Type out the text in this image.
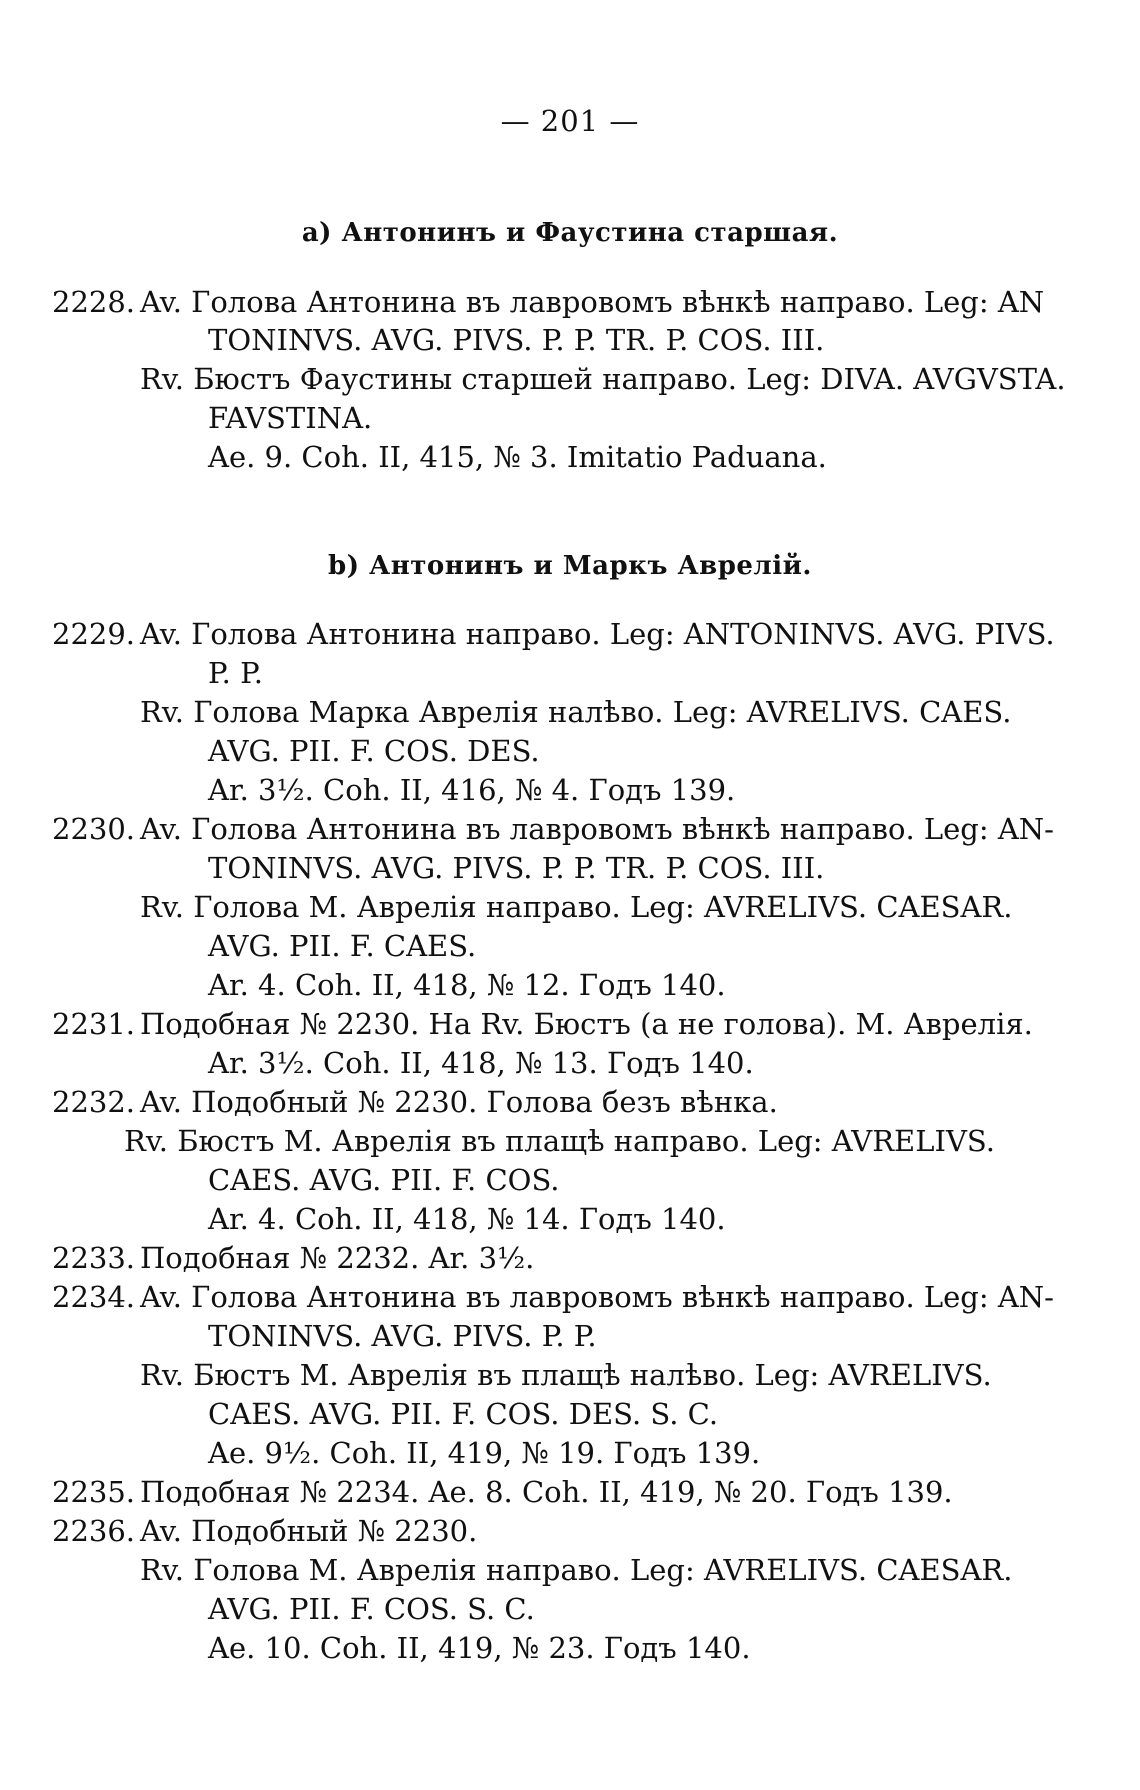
— 201 —
a) Антонинъ и Фаустина старшая.
2228. Av. Голова Антонина въ лавровомъ вѣнкѣ направо. Leg: AN
TONINVS. AVG. PIVS. P. P. TR. P. COS. III.
Rv. Бюстъ Фаустины старшей направо. Leg: DIVA. AVGVSTA.
FAVSTINA.
Ae. 9. Coh. II, 415, № 3. Imitatio Paduana.
b) Антонинъ и Маркъ Аврелій.
2229. Av. Голова Антонина направо. Leg: ANTONINVS. AVG. PIVS.
P. P.
Rv. Голова Марка Аврелія налѣво. Leg: AVRELIVS. CAES.
AVG. PII. F. COS. DES.
Ar. 3½. Coh. II, 416, № 4. Годъ 139.
2230. Av. Голова Антонина въ лавровомъ вѣнкѣ направо. Leg: AN-
TONINVS. AVG. PIVS. P. P. TR. P. COS. III.
Rv. Голова M. Аврелія направо. Leg: AVRELIVS. CAESAR.
AVG. PII. F. CAES.
Ar. 4. Coh. II, 418, № 12. Годъ 140.
2231. Подобная № 2230. На Rv. Бюстъ (а не голова). М. Аврелія.
Ar. 3½. Coh. II, 418, № 13. Годъ 140.
2232. Av. Подобный № 2230. Голова безъ вѣнка.
Rv. Бюстъ М. Аврелія въ плащѣ направо. Leg: AVRELIVS.
CAES. AVG. PII. F. COS.
Ar. 4. Coh. II, 418, № 14. Годъ 140.
2233. Подобная № 2232. Ar. 3½.
2234. Av. Голова Антонина въ лавровомъ вѣнкѣ направо. Leg: AN-
TONINVS. AVG. PIVS. P. P.
Rv. Бюстъ М. Аврелія въ плащѣ налѣво. Leg: AVRELIVS.
CAES. AVG. PII. F. COS. DES. S. C.
Ae. 9½. Coh. II, 419, № 19. Годъ 139.
2235. Подобная № 2234. Ae. 8. Coh. II, 419, № 20. Годъ 139.
2236. Av. Подобный № 2230.
Rv. Голова М. Аврелія направо. Leg: AVRELIVS. CAESAR.
AVG. PII. F. COS. S. C.
Ae. 10. Coh. II, 419, № 23. Годъ 140.
